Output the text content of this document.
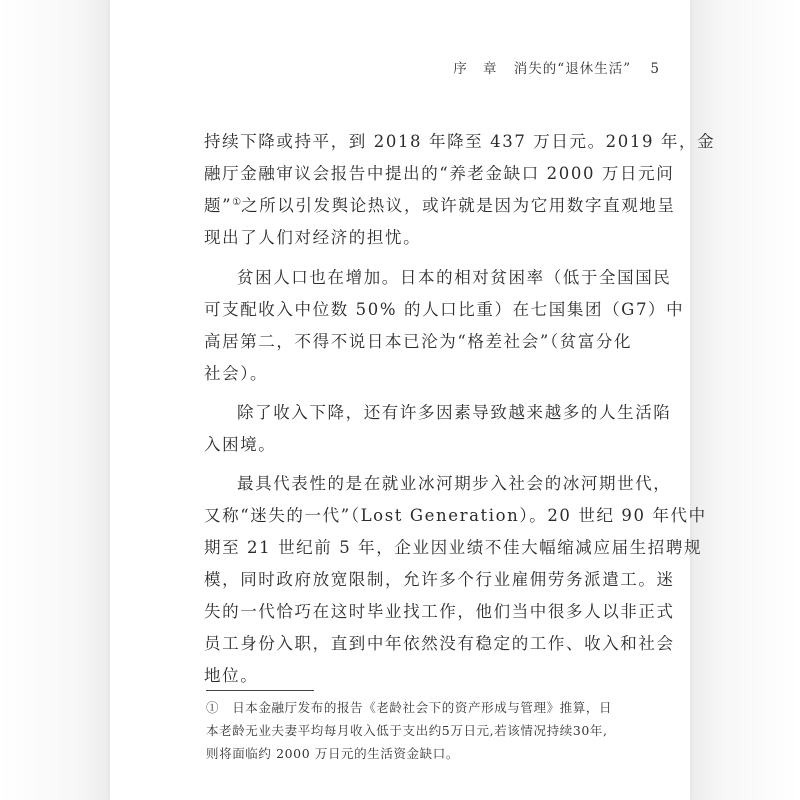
序 章 消失的“退休生活” 5
持续下降或持平，到 2018 年降至 437 万日元。2019 年，金
融厅金融审议会报告中提出的“养老金缺口 2000 万日元问
题”①之所以引发舆论热议，或许就是因为它用数字直观地呈
现出了人们对经济的担忧。
贫困人口也在增加。日本的相对贫困率（低于全国国民
可支配收入中位数 50% 的人口比重）在七国集团（G7）中
高居第二，不得不说日本已沦为“格差社会”（贫富分化
社会）。
除了收入下降，还有许多因素导致越来越多的人生活陷
入困境。
最具代表性的是在就业冰河期步入社会的冰河期世代，
又称“迷失的一代”（Lost Generation）。20 世纪 90 年代中
期至 21 世纪前 5 年，企业因业绩不佳大幅缩减应届生招聘规
模，同时政府放宽限制，允许多个行业雇佣劳务派遣工。迷
失的一代恰巧在这时毕业找工作，他们当中很多人以非正式
员工身份入职，直到中年依然没有稳定的工作、收入和社会
地位。
①　日本金融厅发布的报告《老龄社会下的资产形成与管理》推算，日
本老龄无业夫妻平均每月收入低于支出约5万日元,若该情况持续30年,
则将面临约 2000 万日元的生活资金缺口。
